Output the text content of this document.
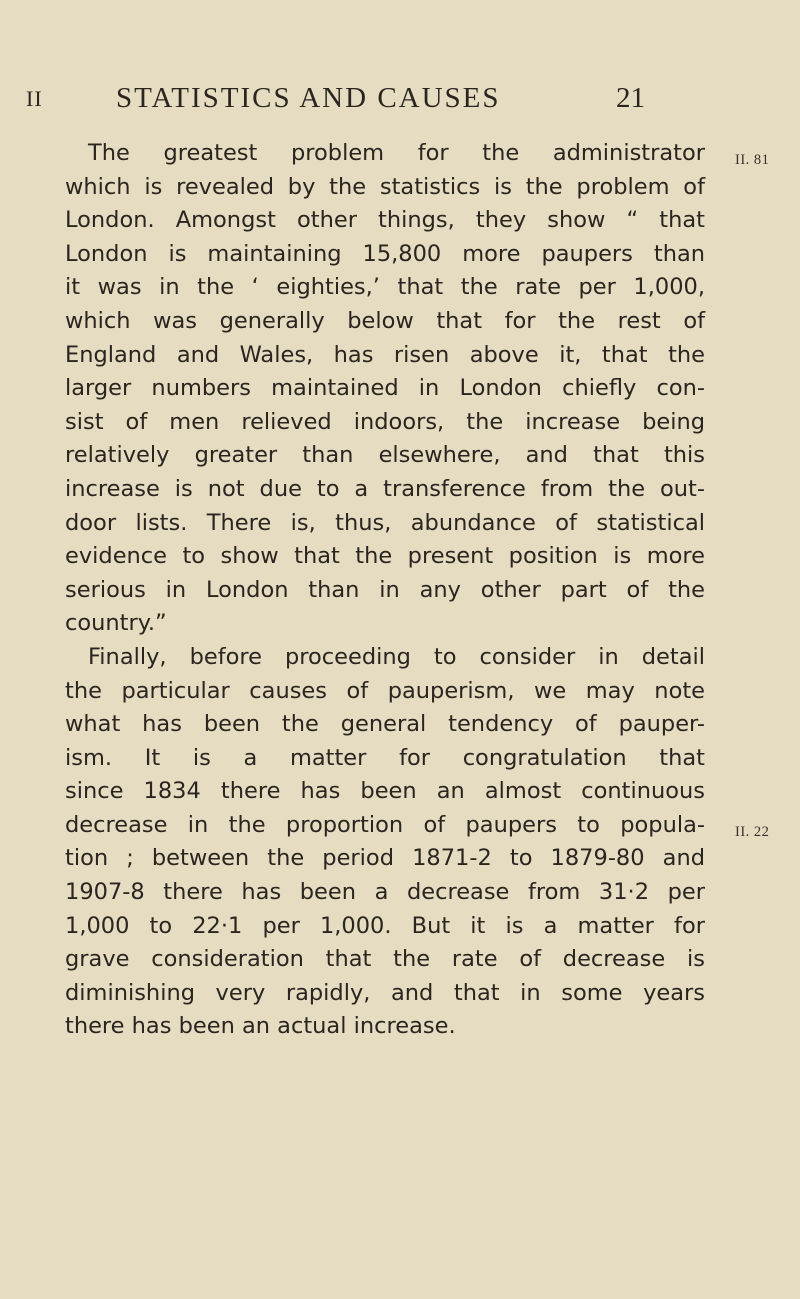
II	STATISTICS AND CAUSES	21
II. 81
II. 22
The greatest problem for the administrator
which is revealed by the statistics is the problem of
London. Amongst other things, they show “ that
London is maintaining 15,800 more paupers than
it was in the ‘ eighties,’ that the rate per 1,000,
which was generally below that for the rest of
England and Wales, has risen above it, that the
larger numbers maintained in London chiefly con-
sist of men relieved indoors, the increase being
relatively greater than elsewhere, and that this
increase is not due to a transference from the out-
door lists. There is, thus, abundance of statistical
evidence to show that the present position is more
serious in London than in any other part of the
country.”
Finally, before proceeding to consider in detail
the particular causes of pauperism, we may note
what has been the general tendency of pauper-
ism. It is a matter for congratulation that
since 1834 there has been an almost continuous
decrease in the proportion of paupers to popula-
tion ; between the period 1871-2 to 1879-80 and
1907-8 there has been a decrease from 31·2 per
1,000 to 22·1 per 1,000. But it is a matter for
grave consideration that the rate of decrease is
diminishing very rapidly, and that in some years
there has been an actual increase.
